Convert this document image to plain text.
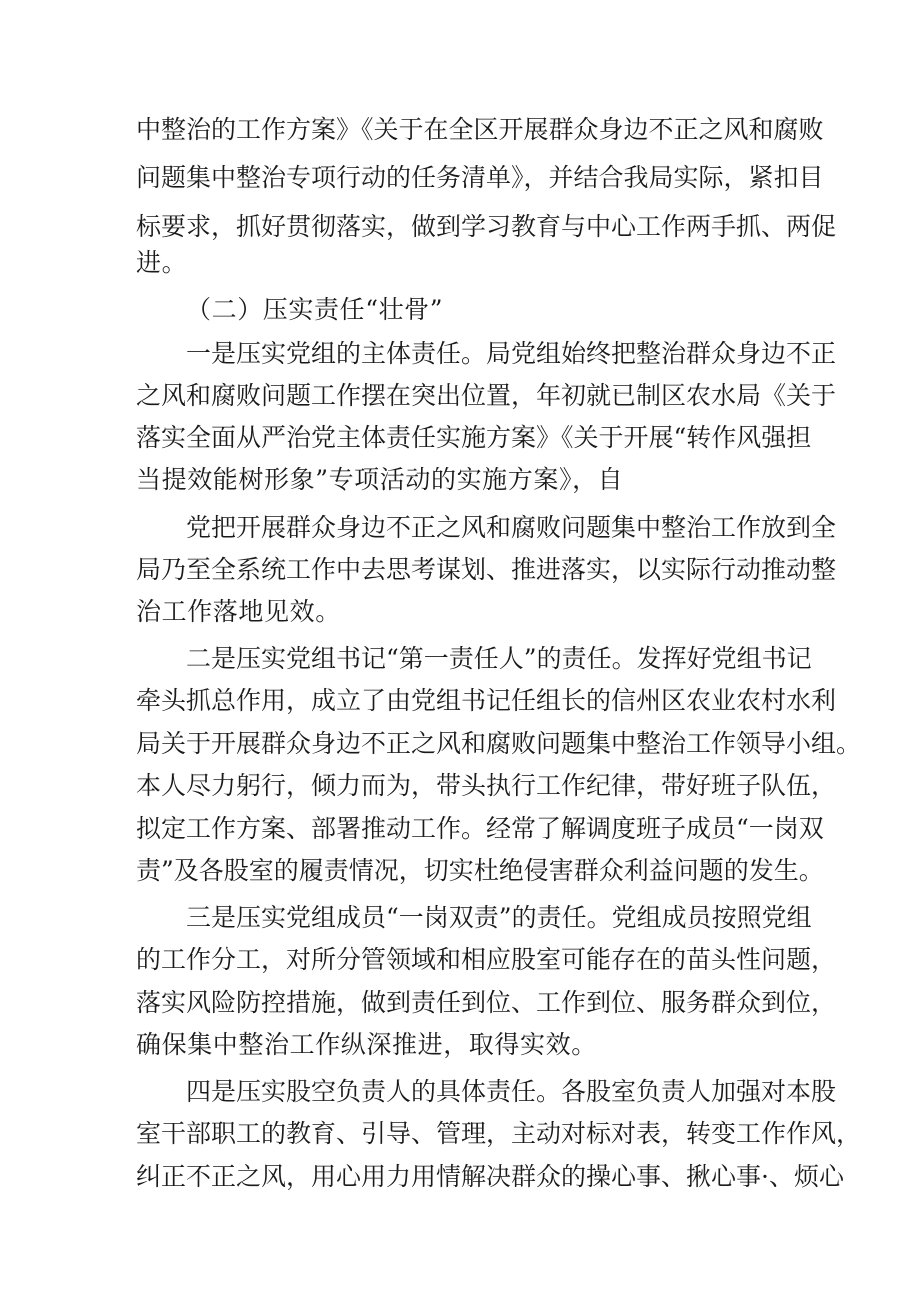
中整治的工作方案》《关于在全区开展群众身边不正之风和腐败
问题集中整治专项行动的任务清单》，并结合我局实际，紧扣目
标要求，抓好贯彻落实，做到学习教育与中心工作两手抓、两促
进。
（二）压实责任“壮骨”
一是压实党组的主体责任。局党组始终把整治群众身边不正
之风和腐败问题工作摆在突出位置，年初就已制区农水局《关于
落实全面从严治党主体责任实施方案》《关于开展“转作风强担
当提效能树形象”专项活动的实施方案》，自
党把开展群众身边不正之风和腐败问题集中整治工作放到全
局乃至全系统工作中去思考谋划、推进落实，以实际行动推动整
治工作落地见效。
二是压实党组书记“第一责任人”的责任。发挥好党组书记
牵头抓总作用，成立了由党组书记任组长的信州区农业农村水利
局关于开展群众身边不正之风和腐败问题集中整治工作领导小组。
本人尽力躬行，倾力而为，带头执行工作纪律，带好班子队伍，
拟定工作方案、部署推动工作。经常了解调度班子成员“一岗双
责”及各股室的履责情况，切实杜绝侵害群众利益问题的发生。
三是压实党组成员“一岗双责”的责任。党组成员按照党组
的工作分工，对所分管领域和相应股室可能存在的苗头性问题，
落实风险防控措施，做到责任到位、工作到位、服务群众到位，
确保集中整治工作纵深推进，取得实效。
四是压实股空负责人的具体责任。各股室负责人加强对本股
室干部职工的教育、引导、管理，主动对标对表，转变工作作风，
纠正不正之风，用心用力用情解决群众的操心事、揪心事·、烦心
